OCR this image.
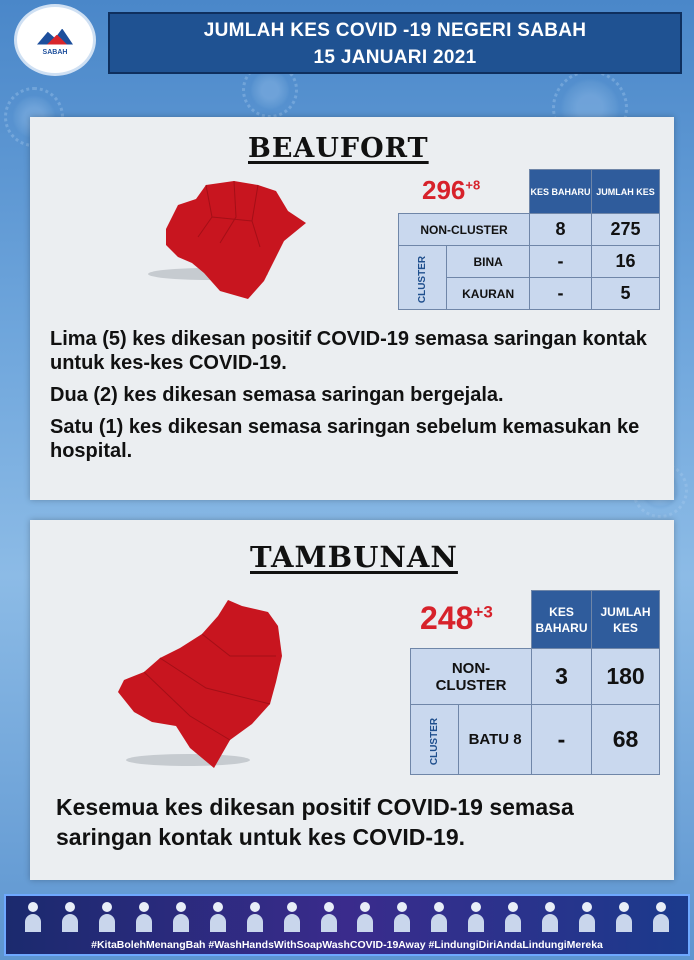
SABAH
JUMLAH KES COVID -19 NEGERI SABAH
15 JANUARI 2021
BEAUFORT
$296^{+8}$
		KES BAHARU	JUMLAH KES
NON-CLUSTER		8	275
CLUSTER	BINA	-	16
	KAURAN	-	5

Lima (5) kes dikesan positif COVID-19 semasa saringan kontak untuk kes-kes COVID-19.

Dua (2) kes dikesan semasa saringan bergejala.

Satu (1) kes dikesan semasa saringan sebelum kemasukan ke hospital.

TAMBUNAN
$248^{+3}$
		KES BAHARU	JUMLAH KES
NON-CLUSTER		3	180
CLUSTER	BATU 8	-	68

Kesemua kes dikesan positif COVID-19 semasa saringan kontak untuk kes COVID-19.

#KitaBolehMenangBah #WashHandsWithSoapWashCOVID-19Away #LindungiDiriAndaLindungiMereka
